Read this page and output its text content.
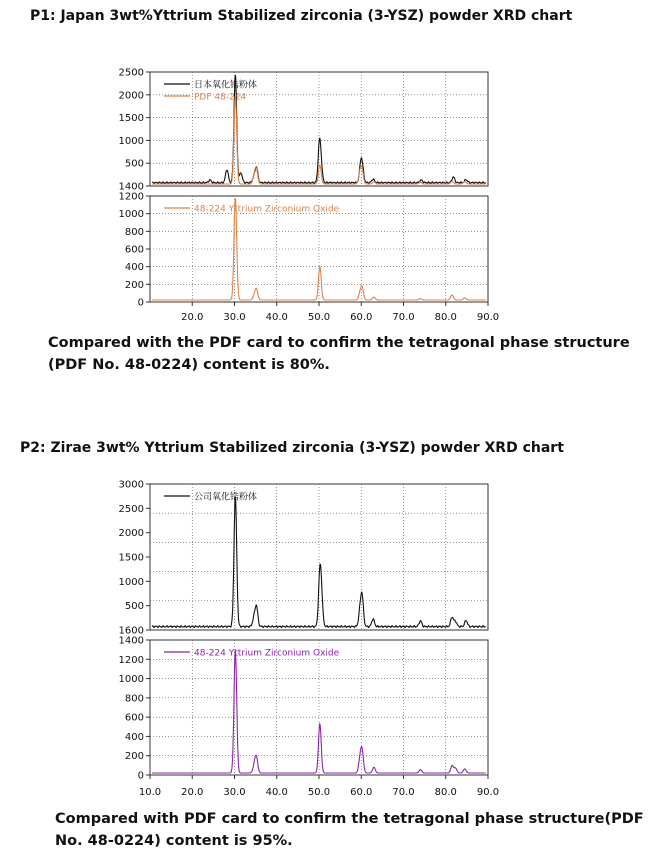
P1: Japan 3wt%Yttrium Stabilized zirconia (3-YSZ) powder XRD chart
Compared with the PDF card to confirm the tetragonal phase structure (PDF No. 48-0224) content is 80%.
P2: Zirae 3wt% Yttrium Stabilized zirconia (3-YSZ) powder XRD chart
Compared with PDF card to confirm the tetragonal phase structure(PDF No. 48-0224) content is 95%.
2500
2000
1500
1000
500
1400
日本氧化锆粉体
PDF 48-224
1200
1000
800
600
400
200
0
48-224 Yttrium Zirconium Oxide
20.0 30.0 40.0 50.0 60.0 70.0 80.0 90.0
3000
2500
2000
1500
1000
500
1600
公司氧化锆粉体
1400
1200
1000
800
600
400
200
0
48-224 Yttrium Zirconium Oxide
10.0 20.0 30.0 40.0 50.0 60.0 70.0 80.0 90.0
